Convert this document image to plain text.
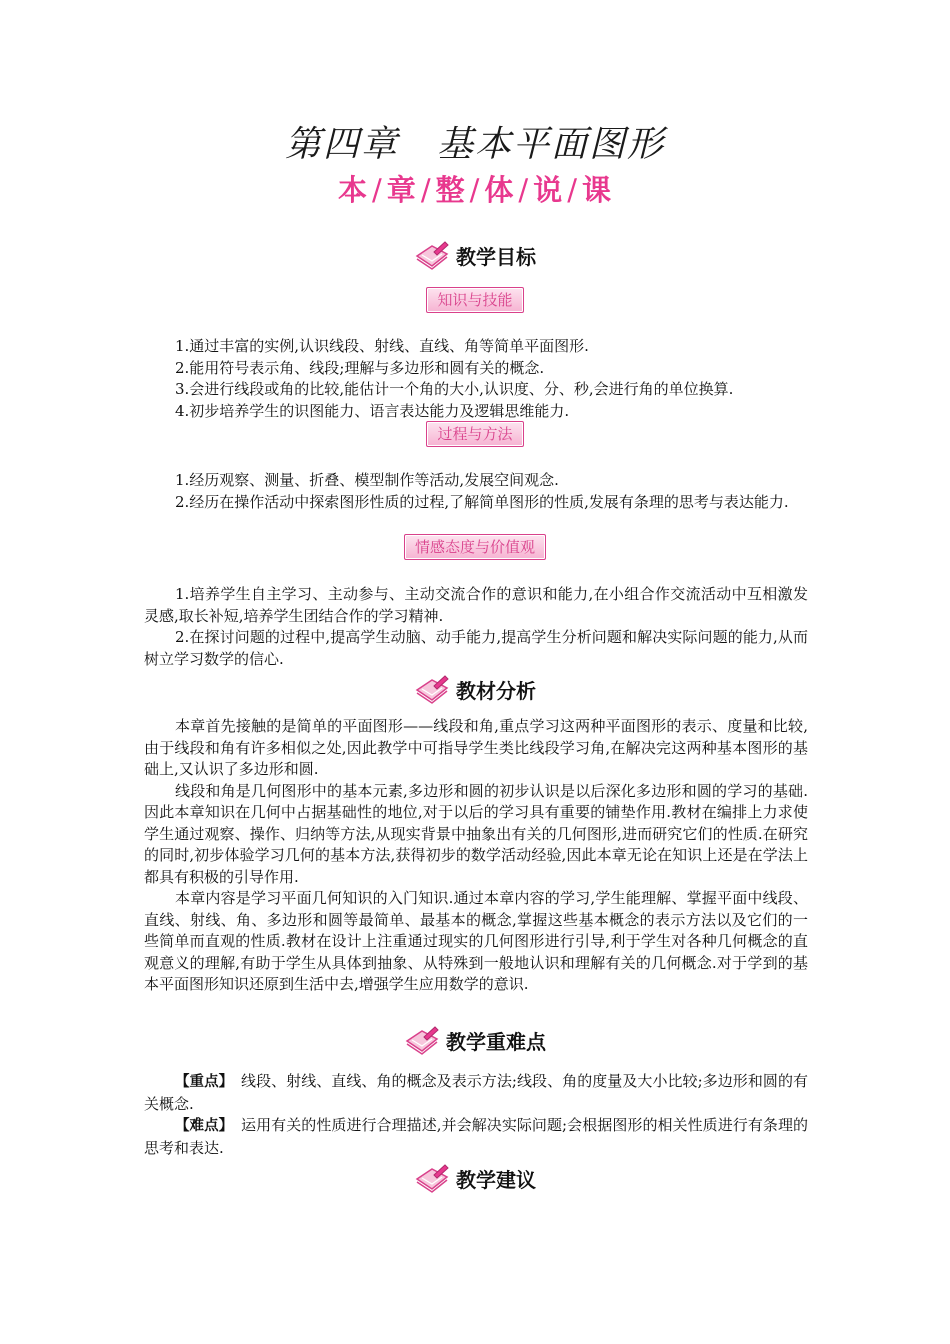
第四章　基本平面图形
本 / 章 / 整 / 体 / 说 / 课
教学目标
知识与技能
1.通过丰富的实例,认识线段、射线、直线、角等简单平面图形.
2.能用符号表示角、线段;理解与多边形和圆有关的概念.
3.会进行线段或角的比较,能估计一个角的大小,认识度、分、秒,会进行角的单位换算.
4.初步培养学生的识图能力、语言表达能力及逻辑思维能力.
过程与方法
1.经历观察、测量、折叠、模型制作等活动,发展空间观念.
2.经历在操作活动中探索图形性质的过程,了解简单图形的性质,发展有条理的思考与表达能力.
情感态度与价值观
1.培养学生自主学习、主动参与、主动交流合作的意识和能力,在小组合作交流活动中互相激发灵感,取长补短,培养学生团结合作的学习精神.
2.在探讨问题的过程中,提高学生动脑、动手能力,提高学生分析问题和解决实际问题的能力,从而树立学习数学的信心.
教材分析
本章首先接触的是简单的平面图形——线段和角,重点学习这两种平面图形的表示、度量和比较,由于线段和角有许多相似之处,因此教学中可指导学生类比线段学习角,在解决完这两种基本图形的基础上,又认识了多边形和圆.
线段和角是几何图形中的基本元素,多边形和圆的初步认识是以后深化多边形和圆的学习的基础.因此本章知识在几何中占据基础性的地位,对于以后的学习具有重要的铺垫作用.教材在编排上力求使学生通过观察、操作、归纳等方法,从现实背景中抽象出有关的几何图形,进而研究它们的性质.在研究的同时,初步体验学习几何的基本方法,获得初步的数学活动经验,因此本章无论在知识上还是在学法上都具有积极的引导作用.
本章内容是学习平面几何知识的入门知识.通过本章内容的学习,学生能理解、掌握平面中线段、直线、射线、角、多边形和圆等最简单、最基本的概念,掌握这些基本概念的表示方法以及它们的一些简单而直观的性质.教材在设计上注重通过现实的几何图形进行引导,利于学生对各种几何概念的直观意义的理解,有助于学生从具体到抽象、从特殊到一般地认识和理解有关的几何概念.对于学到的基本平面图形知识还原到生活中去,增强学生应用数学的意识.
教学重难点
【重点】　 线段、射线、直线、角的概念及表示方法;线段、角的度量及大小比较;多边形和圆的有关概念.
【难点】　 运用有关的性质进行合理描述,并会解决实际问题;会根据图形的相关性质进行有条理的思考和表达.
教学建议
